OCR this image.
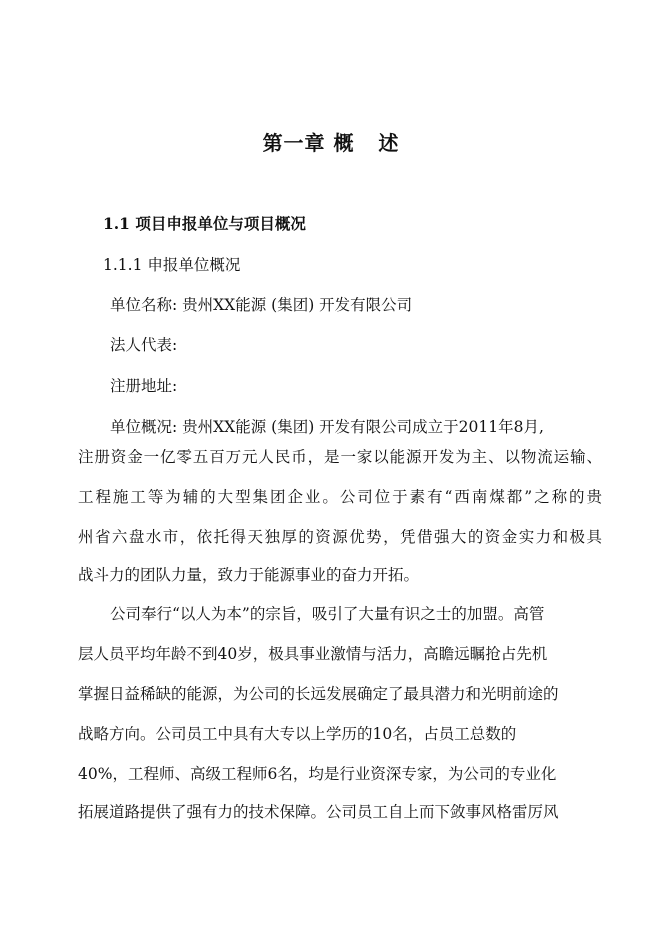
第一章 概   述
1.1 项目申报单位与项目概况
1.1.1 申报单位概况
单位名称: 贵州XX能源 (集团) 开发有限公司
法人代表:
注册地址:
单位概况: 贵州XX能源 (集团) 开发有限公司成立于2011年8月,
注册资金一亿零五百万元人民币，是一家以能源开发为主、以物流运输、
工程施工等为辅的大型集团企业。公司位于素有“西南煤都”之称的贵
州省六盘水市，依托得天独厚的资源优势，凭借强大的资金实力和极具
战斗力的团队力量，致力于能源事业的奋力开拓。
公司奉行“以人为本”的宗旨，吸引了大量有识之士的加盟。高管
层人员平均年龄不到40岁，极具事业激情与活力，高瞻远瞩抢占先机
掌握日益稀缺的能源，为公司的长远发展确定了最具潜力和光明前途的
战略方向。公司员工中具有大专以上学历的10名，占员工总数的
40%，工程师、高级工程师6名，均是行业资深专家，为公司的专业化
拓展道路提供了强有力的技术保障。公司员工自上而下敛事风格雷厉风
